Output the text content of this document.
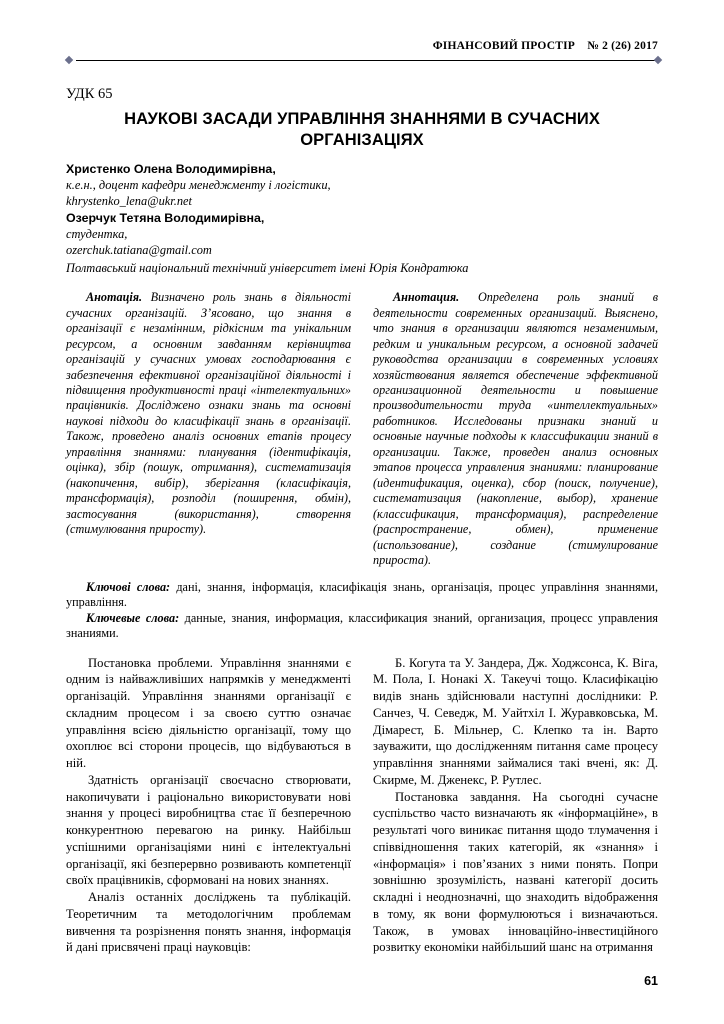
ФІНАНСОВИЙ ПРОСТІР № 2 (26) 2017
УДК 65
НАУКОВІ ЗАСАДИ УПРАВЛІННЯ ЗНАННЯМИ В СУЧАСНИХ ОРГАНІЗАЦІЯХ
Христенко Олена Володимирівна,
к.е.н., доцент кафедри менеджменту і логістики,
khrystenko_lena@ukr.net
Озерчук Тетяна Володимирівна,
студентка,
ozerchuk.tatiana@gmail.com
Полтавський національний технічний університет імені Юрія Кондратюка

Анотація. Визначено роль знань в діяльності сучасних організацій. З’ясовано, що знання в організації є незамінним, рідкісним та унікальним ресурсом, а основним завданням керівництва організацій у сучасних умовах господарювання є забезпечення ефективної організаційної діяльності і підвищення продуктивності праці «інтелектуальних» працівників. Досліджено ознаки знань та основні наукові підходи до класифікації знань в організації. Також, проведено аналіз основних етапів процесу управління знаннями: планування (ідентифікація, оцінка), збір (пошук, отримання), систематизація (накопичення, вибір), зберігання (класифікація, трансформація), розподіл (поширення, обмін), застосування (використання), створення (стимулювання приросту).

Аннотация. Определена роль знаний в деятельности современных организаций. Выяснено, что знания в организации являются незаменимым, редким и уникальным ресурсом, а основной задачей руководства организации в современных условиях хозяйствования является обеспечение эффективной организационной деятельности и повышение производительности труда «интеллектуальных» работников. Исследованы признаки знаний и основные научные подходы к классификации знаний в организации. Также, проведен анализ основных этапов процесса управления знаниями: планирование (идентификация, оценка), сбор (поиск, получение), систематизация (накопление, выбор), хранение (классификация, трансформация), распределение (распространение, обмен), применение (использование), создание (стимулирование прироста).

Ключові слова: дані, знання, інформація, класифікація знань, організація, процес управління знаннями, управління.

Ключевые слова: данные, знания, информация, классификация знаний, организация, процесс управления знаниями.

Постановка проблеми. Управління знаннями є одним із найважливіших напрямків у менеджменті організацій. Управління знаннями організації є складним процесом і за своєю суттю означає управління всією діяльністю організації, тому що охоплює всі сторони процесів, що відбуваються в ній.

Здатність організації своєчасно створювати, накопичувати і раціонально використовувати нові знання у процесі виробництва стає її безперечною конкурентною перевагою на ринку. Найбільш успішними організаціями нині є інтелектуальні організації, які безперервно розвивають компетенції своїх працівників, сформовані на нових знаннях.

Аналіз останніх досліджень та публікацій. Теоретичним та методологічним проблемам вивчення та розрізнення понять знання, інформація й дані присвячені праці науковців:

Б. Когута та У. Зандера, Дж. Ходжсонса, К. Віга, М. Пола, І. Нонакі X. Такеучі тощо. Класифікацію видів знань здійснювали наступні дослідники: Р. Санчез, Ч. Севедж, М. Уайтхіл І. Журавковська, М. Дімарест, Б. Мільнер, С. Клепко та ін. Варто зауважити, що дослідженням питання саме процесу управління знаннями займалися такі вчені, як: Д. Скирме, М. Дженекс, Р. Рутлес.

Постановка завдання. На сьогодні сучасне суспільство часто визначають як «інформаційне», в результаті чого виникає питання щодо тлумачення і співвідношення таких категорій, як «знання» і «інформація» і пов’язаних з ними понять. Попри зовнішню зрозумілість, названі категорії досить складні і неоднозначні, що знаходить відображення в тому, як вони формулюються і визначаються. Також, в умовах інноваційно-інвестиційного розвитку економіки найбільший шанс на отримання

61
